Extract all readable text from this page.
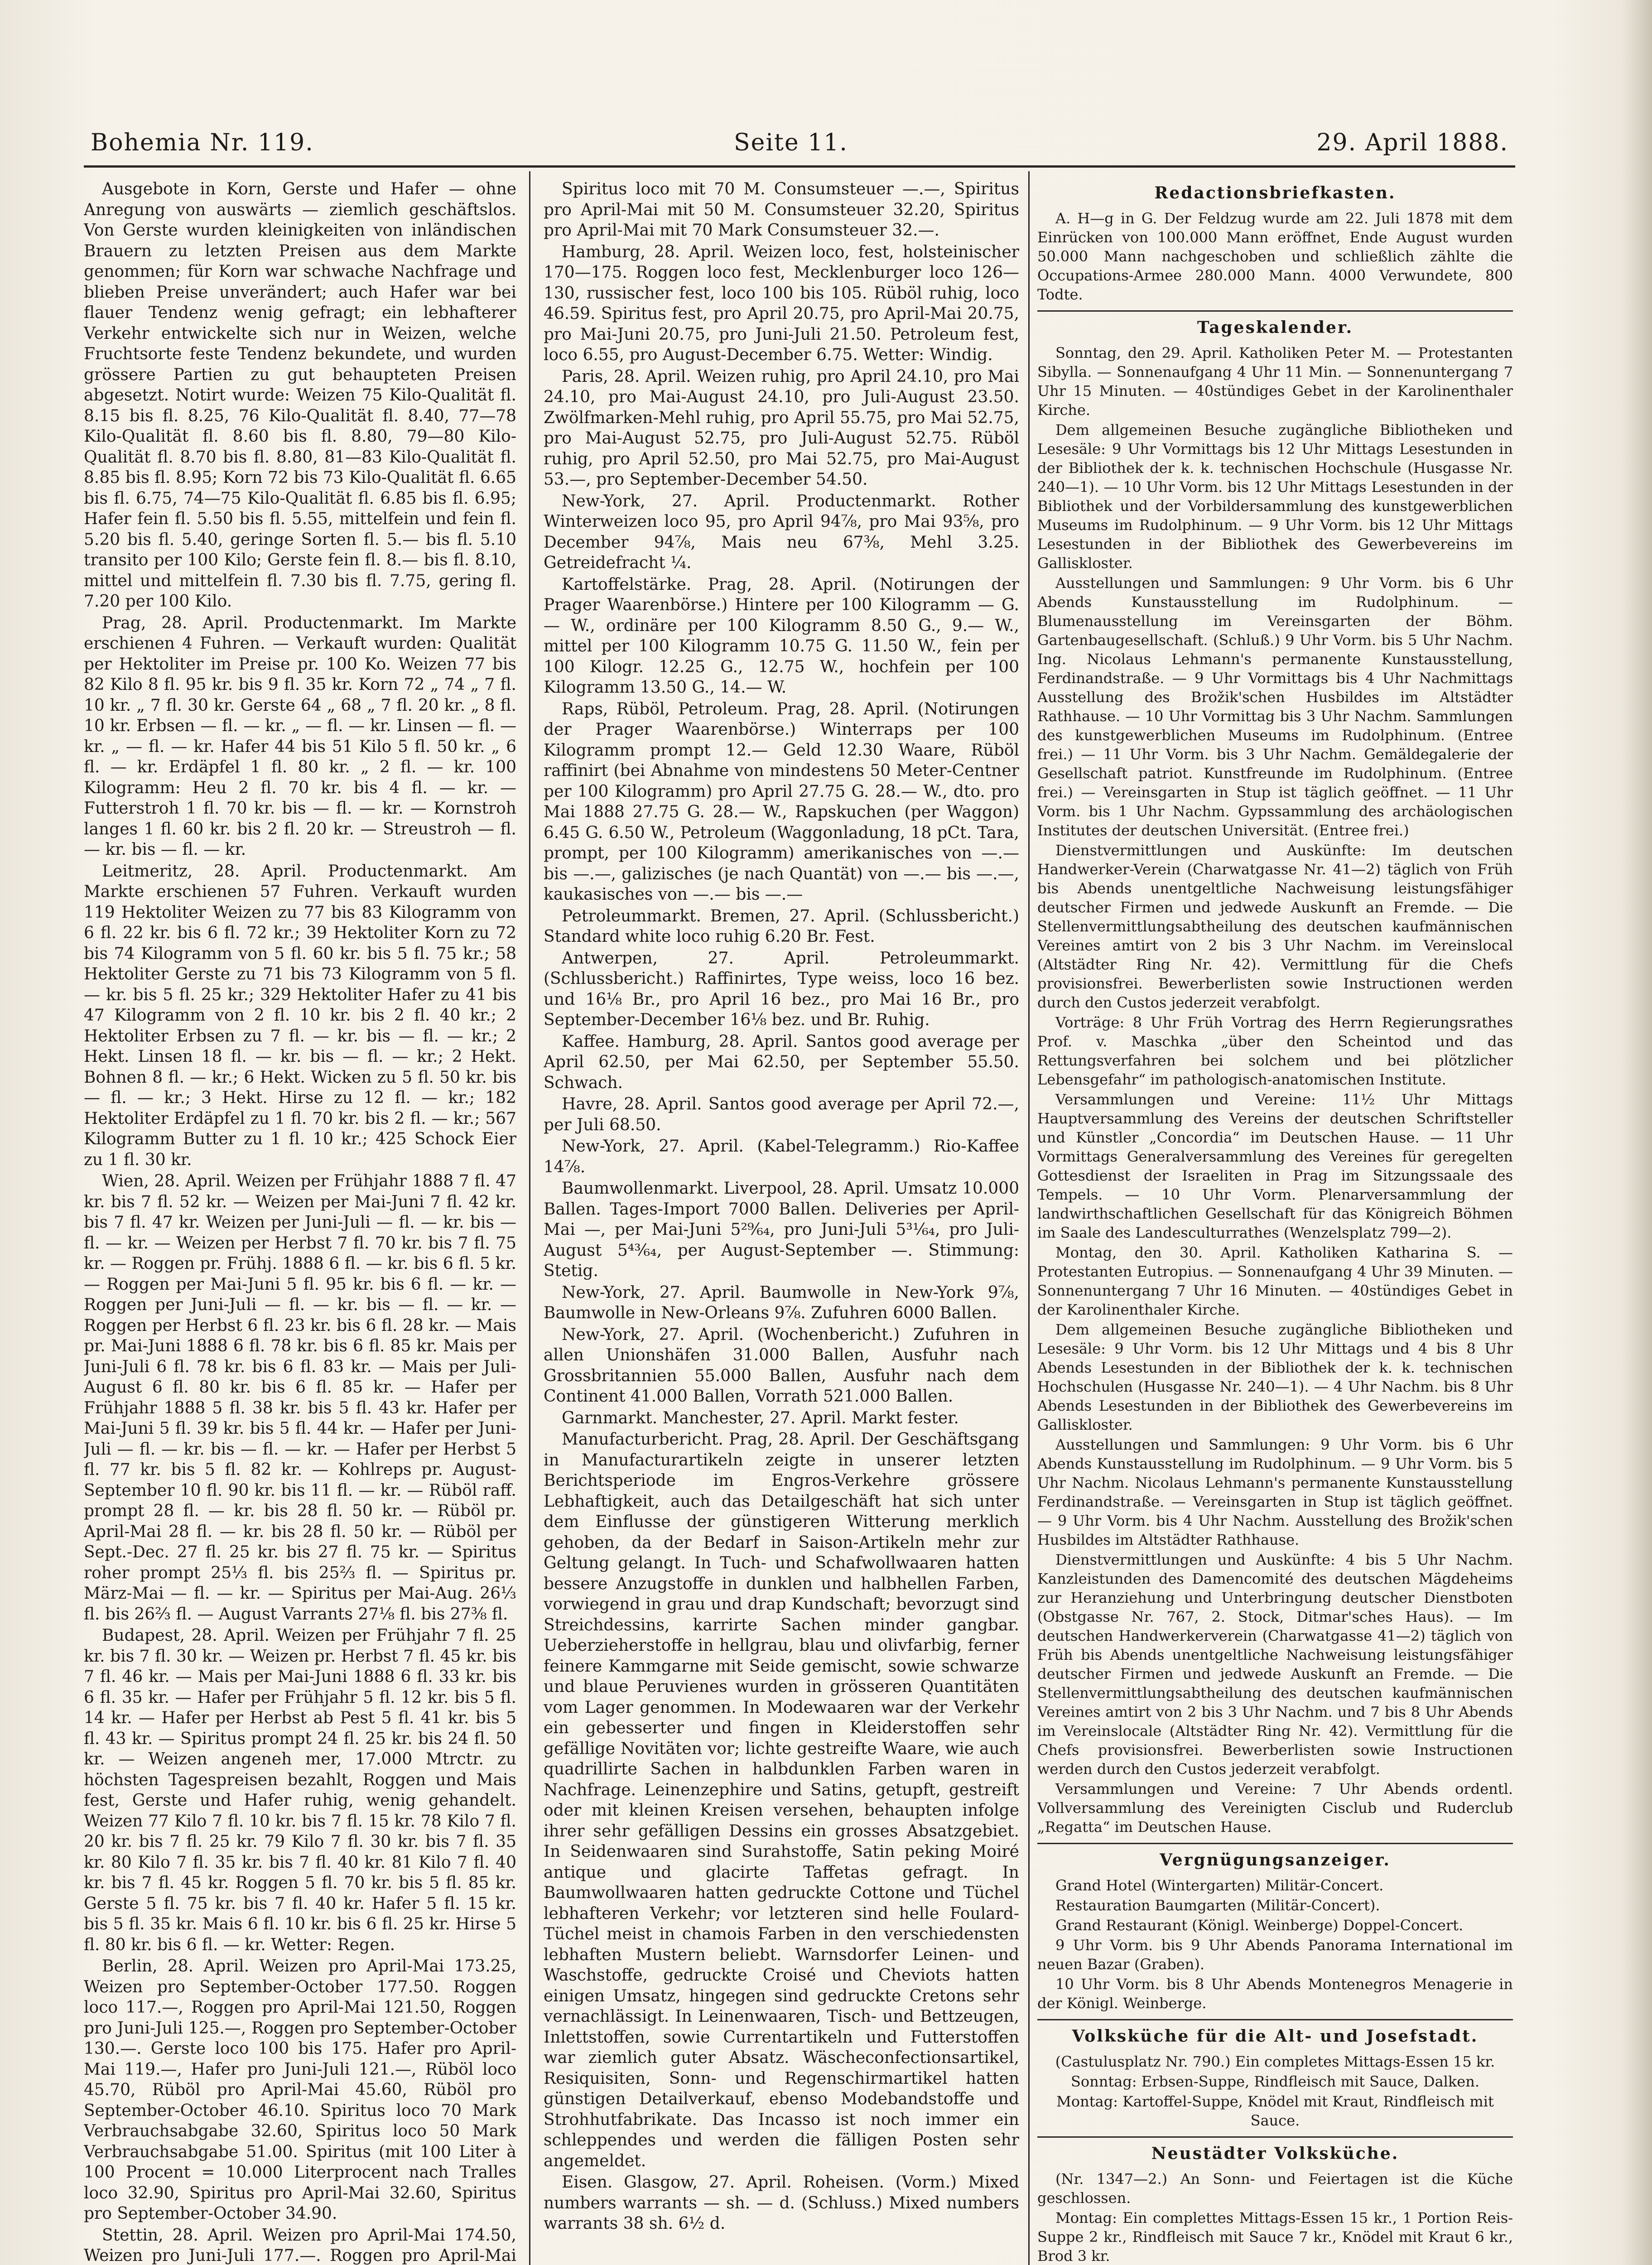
Bohemia Nr. 119.	Seite 11.	29. April 1888.

Ausgebote in Korn, Gerste und Hafer — ohne Anregung von auswärts — ziemlich geschäftslos. Von Gerste wurden kleinigkeiten von inländischen Brauern zu letzten Preisen aus dem Markte genommen; für Korn war schwache Nachfrage und blieben Preise unverändert; auch Hafer war bei flauer Tendenz wenig gefragt; ein lebhafterer Verkehr entwickelte sich nur in Weizen, welche Fruchtsorte feste Tendenz bekundete, und wurden grössere Partien zu gut behaupteten Preisen abgesetzt. Notirt wurde: Weizen 75 Kilo-Qualität fl. 8.15 bis fl. 8.25, 76 Kilo-Qualität fl. 8.40, 77—78 Kilo-Qualität fl. 8.60 bis fl. 8.80, 79—80 Kilo-Qualität fl. 8.70 bis fl. 8.80, 81—83 Kilo-Qualität fl. 8.85 bis fl. 8.95; Korn 72 bis 73 Kilo-Qualität fl. 6.65 bis fl. 6.75, 74—75 Kilo-Qualität fl. 6.85 bis fl. 6.95; Hafer fein fl. 5.50 bis fl. 5.55, mittelfein und fein fl. 5.20 bis fl. 5.40, geringe Sorten fl. 5.— bis fl. 5.10 transito per 100 Kilo; Gerste fein fl. 8.— bis fl. 8.10, mittel und mittelfein fl. 7.30 bis fl. 7.75, gering fl. 7.20 per 100 Kilo.

Prag, 28. April. Productenmarkt. Im Markte erschienen 4 Fuhren. — Verkauft wurden: Qualität per Hektoliter im Preise pr. 100 Ko. Weizen 77 bis 82 Kilo 8 fl. 95 kr. bis 9 fl. 35 kr. Korn 72 „ 74 „ 7 fl. 10 kr. „ 7 fl. 30 kr. Gerste 64 „ 68 „ 7 fl. 20 kr. „ 8 fl. 10 kr. Erbsen — fl. — kr. „ — fl. — kr. Linsen — fl. — kr. „ — fl. — kr. Hafer 44 bis 51 Kilo 5 fl. 50 kr. „ 6 fl. — kr. Erdäpfel 1 fl. 80 kr. „ 2 fl. — kr. 100 Kilogramm: Heu 2 fl. 70 kr. bis 4 fl. — kr. — Futterstroh 1 fl. 70 kr. bis — fl. — kr. — Kornstroh langes 1 fl. 60 kr. bis 2 fl. 20 kr. — Streustroh — fl. — kr. bis — fl. — kr.

Leitmeritz, 28. April. Productenmarkt. Am Markte erschienen 57 Fuhren. Verkauft wurden 119 Hektoliter Weizen zu 77 bis 83 Kilogramm von 6 fl. 22 kr. bis 6 fl. 72 kr.; 39 Hektoliter Korn zu 72 bis 74 Kilogramm von 5 fl. 60 kr. bis 5 fl. 75 kr.; 58 Hektoliter Gerste zu 71 bis 73 Kilogramm von 5 fl. — kr. bis 5 fl. 25 kr.; 329 Hektoliter Hafer zu 41 bis 47 Kilogramm von 2 fl. 10 kr. bis 2 fl. 40 kr.; 2 Hektoliter Erbsen zu 7 fl. — kr. bis — fl. — kr.; 2 Hekt. Linsen 18 fl. — kr. bis — fl. — kr.; 2 Hekt. Bohnen 8 fl. — kr.; 6 Hekt. Wicken zu 5 fl. 50 kr. bis — fl. — kr.; 3 Hekt. Hirse zu 12 fl. — kr.; 182 Hektoliter Erdäpfel zu 1 fl. 70 kr. bis 2 fl. — kr.; 567 Kilogramm Butter zu 1 fl. 10 kr.; 425 Schock Eier zu 1 fl. 30 kr.

Wien, 28. April. Weizen per Frühjahr 1888 7 fl. 47 kr. bis 7 fl. 52 kr. — Weizen per Mai-Juni 7 fl. 42 kr. bis 7 fl. 47 kr. Weizen per Juni-Juli — fl. — kr. bis — fl. — kr. — Weizen per Herbst 7 fl. 70 kr. bis 7 fl. 75 kr. — Roggen pr. Frühj. 1888 6 fl. — kr. bis 6 fl. 5 kr. — Roggen per Mai-Juni 5 fl. 95 kr. bis 6 fl. — kr. — Roggen per Juni-Juli — fl. — kr. bis — fl. — kr. — Roggen per Herbst 6 fl. 23 kr. bis 6 fl. 28 kr. — Mais pr. Mai-Juni 1888 6 fl. 78 kr. bis 6 fl. 85 kr. Mais per Juni-Juli 6 fl. 78 kr. bis 6 fl. 83 kr. — Mais per Juli-August 6 fl. 80 kr. bis 6 fl. 85 kr. — Hafer per Frühjahr 1888 5 fl. 38 kr. bis 5 fl. 43 kr. Hafer per Mai-Juni 5 fl. 39 kr. bis 5 fl. 44 kr. — Hafer per Juni-Juli — fl. — kr. bis — fl. — kr. — Hafer per Herbst 5 fl. 77 kr. bis 5 fl. 82 kr. — Kohlreps pr. August-September 10 fl. 90 kr. bis 11 fl. — kr. — Rüböl raff. prompt 28 fl. — kr. bis 28 fl. 50 kr. — Rüböl pr. April-Mai 28 fl. — kr. bis 28 fl. 50 kr. — Rüböl per Sept.-Dec. 27 fl. 25 kr. bis 27 fl. 75 kr. — Spiritus roher prompt 25⅓ fl. bis 25⅔ fl. — Spiritus pr. März-Mai — fl. — kr. — Spiritus per Mai-Aug. 26⅓ fl. bis 26⅔ fl. — August Varrants 27⅛ fl. bis 27⅜ fl.

Budapest, 28. April. Weizen per Frühjahr 7 fl. 25 kr. bis 7 fl. 30 kr. — Weizen pr. Herbst 7 fl. 45 kr. bis 7 fl. 46 kr. — Mais per Mai-Juni 1888 6 fl. 33 kr. bis 6 fl. 35 kr. — Hafer per Frühjahr 5 fl. 12 kr. bis 5 fl. 14 kr. — Hafer per Herbst ab Pest 5 fl. 41 kr. bis 5 fl. 43 kr. — Spiritus prompt 24 fl. 25 kr. bis 24 fl. 50 kr. — Weizen angeneh mer, 17.000 Mtrctr. zu höchsten Tagespreisen bezahlt, Roggen und Mais fest, Gerste und Hafer ruhig, wenig gehandelt. Weizen 77 Kilo 7 fl. 10 kr. bis 7 fl. 15 kr. 78 Kilo 7 fl. 20 kr. bis 7 fl. 25 kr. 79 Kilo 7 fl. 30 kr. bis 7 fl. 35 kr. 80 Kilo 7 fl. 35 kr. bis 7 fl. 40 kr. 81 Kilo 7 fl. 40 kr. bis 7 fl. 45 kr. Roggen 5 fl. 70 kr. bis 5 fl. 85 kr. Gerste 5 fl. 75 kr. bis 7 fl. 40 kr. Hafer 5 fl. 15 kr. bis 5 fl. 35 kr. Mais 6 fl. 10 kr. bis 6 fl. 25 kr. Hirse 5 fl. 80 kr. bis 6 fl. — kr. Wetter: Regen.

Berlin, 28. April. Weizen pro April-Mai 173.25, Weizen pro September-October 177.50. Roggen loco 117.—, Roggen pro April-Mai 121.50, Roggen pro Juni-Juli 125.—, Roggen pro September-October 130.—. Gerste loco 100 bis 175. Hafer pro April-Mai 119.—, Hafer pro Juni-Juli 121.—, Rüböl loco 45.70, Rüböl pro April-Mai 45.60, Rüböl pro September-October 46.10. Spiritus loco 70 Mark Verbrauchsabgabe 32.60, Spiritus loco 50 Mark Verbrauchsabgabe 51.00. Spiritus (mit 100 Liter à 100 Procent = 10.000 Literprocent nach Tralles loco 32.90, Spiritus pro April-Mai 32.60, Spiritus pro September-October 34.90.

Stettin, 28. April. Weizen pro April-Mai 174.50, Weizen pro Juni-Juli 177.—. Roggen pro April-Mai

Spiritus loco mit 70 M. Consumsteuer —.—, Spiritus pro April-Mai mit 50 M. Consumsteuer 32.20, Spiritus pro April-Mai mit 70 Mark Consumsteuer 32.—.

Hamburg, 28. April. Weizen loco, fest, holsteinischer 170—175. Roggen loco fest, Mecklenburger loco 126—130, russischer fest, loco 100 bis 105. Rüböl ruhig, loco 46.59. Spiritus fest, pro April 20.75, pro April-Mai 20.75, pro Mai-Juni 20.75, pro Juni-Juli 21.50. Petroleum fest, loco 6.55, pro August-December 6.75. Wetter: Windig.

Paris, 28. April. Weizen ruhig, pro April 24.10, pro Mai 24.10, pro Mai-August 24.10, pro Juli-August 23.50. Zwölfmarken-Mehl ruhig, pro April 55.75, pro Mai 52.75, pro Mai-August 52.75, pro Juli-August 52.75. Rüböl ruhig, pro April 52.50, pro Mai 52.75, pro Mai-August 53.—, pro September-December 54.50.

New-York, 27. April. Productenmarkt. Rother Winterweizen loco 95, pro April 94⅞, pro Mai 93⅝, pro December 94⅞, Mais neu 67⅜, Mehl 3.25. Getreidefracht ¼.

Kartoffelstärke. Prag, 28. April. (Notirungen der Prager Waarenbörse.) Hintere per 100 Kilogramm — G. — W., ordinäre per 100 Kilogramm 8.50 G., 9.— W., mittel per 100 Kilogramm 10.75 G. 11.50 W., fein per 100 Kilogr. 12.25 G., 12.75 W., hochfein per 100 Kilogramm 13.50 G., 14.— W.

Raps, Rüböl, Petroleum. Prag, 28. April. (Notirungen der Prager Waarenbörse.) Winterraps per 100 Kilogramm prompt 12.— Geld 12.30 Waare, Rüböl raffinirt (bei Abnahme von mindestens 50 Meter-Centner per 100 Kilogramm) pro April 27.75 G. 28.— W., dto. pro Mai 1888 27.75 G. 28.— W., Rapskuchen (per Waggon) 6.45 G. 6.50 W., Petroleum (Waggonladung, 18 pCt. Tara, prompt, per 100 Kilogramm) amerikanisches von —.— bis —.—, galizisches (je nach Quantät) von —.— bis —.—, kaukasisches von —.— bis —.—

Petroleummarkt. Bremen, 27. April. (Schlussbericht.) Standard white loco ruhig 6.20 Br. Fest.

Antwerpen, 27. April. Petroleummarkt. (Schlussbericht.) Raffinirtes, Type weiss, loco 16 bez. und 16⅛ Br., pro April 16 bez., pro Mai 16 Br., pro September-December 16⅛ bez. und Br. Ruhig.

Kaffee. Hamburg, 28. April. Santos good average per April 62.50, per Mai 62.50, per September 55.50. Schwach.

Havre, 28. April. Santos good average per April 72.—, per Juli 68.50.

New-York, 27. April. (Kabel-Telegramm.) Rio-Kaffee 14⅞.

Baumwollenmarkt. Liverpool, 28. April. Umsatz 10.000 Ballen. Tages-Import 7000 Ballen. Deliveries per April-Mai —, per Mai-Juni 5²⁹⁄₆₄, pro Juni-Juli 5³¹⁄₆₄, pro Juli-August 5⁴³⁄₆₄, per August-September —. Stimmung: Stetig.

New-York, 27. April. Baumwolle in New-York 9⅞, Baumwolle in New-Orleans 9⅞. Zufuhren 6000 Ballen.

New-York, 27. April. (Wochenbericht.) Zufuhren in allen Unionshäfen 31.000 Ballen, Ausfuhr nach Grossbritannien 55.000 Ballen, Ausfuhr nach dem Continent 41.000 Ballen, Vorrath 521.000 Ballen.

Garnmarkt. Manchester, 27. April. Markt fester.

Manufacturbericht. Prag, 28. April. Der Geschäftsgang in Manufacturartikeln zeigte in unserer letzten Berichtsperiode im Engros-Verkehre grössere Lebhaftigkeit, auch das Detailgeschäft hat sich unter dem Einflusse der günstigeren Witterung merklich gehoben, da der Bedarf in Saison-Artikeln mehr zur Geltung gelangt. In Tuch- und Schafwollwaaren hatten bessere Anzugstoffe in dunklen und halbhellen Farben, vorwiegend in grau und drap Kundschaft; bevorzugt sind Streichdessins, karrirte Sachen minder gangbar. Ueberzieherstoffe in hellgrau, blau und olivfarbig, ferner feinere Kammgarne mit Seide gemischt, sowie schwarze und blaue Peruvienes wurden in grösseren Quantitäten vom Lager genommen. In Modewaaren war der Verkehr ein gebesserter und fingen in Kleiderstoffen sehr gefällige Novitäten vor; lichte gestreifte Waare, wie auch quadrillirte Sachen in halbdunklen Farben waren in Nachfrage. Leinenzephire und Satins, getupft, gestreift oder mit kleinen Kreisen versehen, behaupten infolge ihrer sehr gefälligen Dessins ein grosses Absatzgebiet. In Seidenwaaren sind Surahstoffe, Satin peking Moiré antique und glacirte Taffetas gefragt. In Baumwollwaaren hatten gedruckte Cottone und Tüchel lebhafteren Verkehr; vor letzteren sind helle Foulard-Tüchel meist in chamois Farben in den verschiedensten lebhaften Mustern beliebt. Warnsdorfer Leinen- und Waschstoffe, gedruckte Croisé und Cheviots hatten einigen Umsatz, hingegen sind gedruckte Cretons sehr vernachlässigt. In Leinenwaaren, Tisch- und Bettzeugen, Inlettstoffen, sowie Currentartikeln und Futterstoffen war ziemlich guter Absatz. Wäscheconfectionsartikel, Resiquisiten, Sonn- und Regenschirmartikel hatten günstigen Detailverkauf, ebenso Modebandstoffe und Strohhutfabrikate. Das Incasso ist noch immer ein schleppendes und werden die fälligen Posten sehr angemeldet.

Eisen. Glasgow, 27. April. Roheisen. (Vorm.) Mixed numbers warrants — sh. — d. (Schluss.) Mixed numbers warrants 38 sh. 6½ d.

Redactionsbriefkasten.

A. H—g in G. Der Feldzug wurde am 22. Juli 1878 mit dem Einrücken von 100.000 Mann eröffnet, Ende August wurden 50.000 Mann nachgeschoben und schließlich zählte die Occupations-Armee 280.000 Mann. 4000 Verwundete, 800 Todte.

Tageskalender.

Sonntag, den 29. April. Katholiken Peter M. — Protestanten Sibylla. — Sonnenaufgang 4 Uhr 11 Min. — Sonnenuntergang 7 Uhr 15 Minuten. — 40stündiges Gebet in der Karolinenthaler Kirche.

Dem allgemeinen Besuche zugängliche Bibliotheken und Lesesäle: 9 Uhr Vormittags bis 12 Uhr Mittags Lesestunden in der Bibliothek der k. k. technischen Hochschule (Husgasse Nr. 240—1). — 10 Uhr Vorm. bis 12 Uhr Mittags Lesestunden in der Bibliothek und der Vorbildersammlung des kunstgewerblichen Museums im Rudolphinum. — 9 Uhr Vorm. bis 12 Uhr Mittags Lesestunden in der Bibliothek des Gewerbevereins im Galliskloster.

Ausstellungen und Sammlungen: 9 Uhr Vorm. bis 6 Uhr Abends Kunstausstellung im Rudolphinum. — Blumenausstellung im Vereinsgarten der Böhm. Gartenbaugesellschaft. (Schluß.) 9 Uhr Vorm. bis 5 Uhr Nachm. Ing. Nicolaus Lehmann's permanente Kunstausstellung, Ferdinandstraße. — 9 Uhr Vormittags bis 4 Uhr Nachmittags Ausstellung des Brožik'schen Husbildes im Altstädter Rathhause. — 10 Uhr Vormittag bis 3 Uhr Nachm. Sammlungen des kunstgewerblichen Museums im Rudolphinum. (Entree frei.) — 11 Uhr Vorm. bis 3 Uhr Nachm. Gemäldegalerie der Gesellschaft patriot. Kunstfreunde im Rudolphinum. (Entree frei.) — Vereinsgarten in Stup ist täglich geöffnet. — 11 Uhr Vorm. bis 1 Uhr Nachm. Gypssammlung des archäologischen Institutes der deutschen Universität. (Entree frei.)

Dienstvermittlungen und Auskünfte: Im deutschen Handwerker-Verein (Charwatgasse Nr. 41—2) täglich von Früh bis Abends unentgeltliche Nachweisung leistungsfähiger deutscher Firmen und jedwede Auskunft an Fremde. — Die Stellenvermittlungsabtheilung des deutschen kaufmännischen Vereines amtirt von 2 bis 3 Uhr Nachm. im Vereinslocal (Altstädter Ring Nr. 42). Vermittlung für die Chefs provisionsfrei. Bewerberlisten sowie Instructionen werden durch den Custos jederzeit verabfolgt.

Vorträge: 8 Uhr Früh Vortrag des Herrn Regierungsrathes Prof. v. Maschka „über den Scheintod und das Rettungsverfahren bei solchem und bei plötzlicher Lebensgefahr“ im pathologisch-anatomischen Institute.

Versammlungen und Vereine: 11½ Uhr Mittags Hauptversammlung des Vereins der deutschen Schriftsteller und Künstler „Concordia“ im Deutschen Hause. — 11 Uhr Vormittags Generalversammlung des Vereines für geregelten Gottesdienst der Israeliten in Prag im Sitzungssaale des Tempels. — 10 Uhr Vorm. Plenarversammlung der landwirthschaftlichen Gesellschaft für das Königreich Böhmen im Saale des Landesculturrathes (Wenzelsplatz 799—2).

Montag, den 30. April. Katholiken Katharina S. — Protestanten Eutropius. — Sonnenaufgang 4 Uhr 39 Minuten. — Sonnenuntergang 7 Uhr 16 Minuten. — 40stündiges Gebet in der Karolinenthaler Kirche.

Dem allgemeinen Besuche zugängliche Bibliotheken und Lesesäle: 9 Uhr Vorm. bis 12 Uhr Mittags und 4 bis 8 Uhr Abends Lesestunden in der Bibliothek der k. k. technischen Hochschulen (Husgasse Nr. 240—1). — 4 Uhr Nachm. bis 8 Uhr Abends Lesestunden in der Bibliothek des Gewerbevereins im Galliskloster.

Ausstellungen und Sammlungen: 9 Uhr Vorm. bis 6 Uhr Abends Kunstausstellung im Rudolphinum. — 9 Uhr Vorm. bis 5 Uhr Nachm. Nicolaus Lehmann's permanente Kunstausstellung Ferdinandstraße. — Vereinsgarten in Stup ist täglich geöffnet. — 9 Uhr Vorm. bis 4 Uhr Nachm. Ausstellung des Brožik'schen Husbildes im Altstädter Rathhause.

Dienstvermittlungen und Auskünfte: 4 bis 5 Uhr Nachm. Kanzleistunden des Damencomité des deutschen Mägdeheims zur Heranziehung und Unterbringung deutscher Dienstboten (Obstgasse Nr. 767, 2. Stock, Ditmar'sches Haus). — Im deutschen Handwerkerverein (Charwatgasse 41—2) täglich von Früh bis Abends unentgeltliche Nachweisung leistungsfähiger deutscher Firmen und jedwede Auskunft an Fremde. — Die Stellenvermittlungsabtheilung des deutschen kaufmännischen Vereines amtirt von 2 bis 3 Uhr Nachm. und 7 bis 8 Uhr Abends im Vereinslocale (Altstädter Ring Nr. 42). Vermittlung für die Chefs provisionsfrei. Bewerberlisten sowie Instructionen werden durch den Custos jederzeit verabfolgt.

Versammlungen und Vereine: 7 Uhr Abends ordentl. Vollversammlung des Vereinigten Cisclub und Ruderclub „Regatta“ im Deutschen Hause.

Vergnügungsanzeiger.

Grand Hotel (Wintergarten) Militär-Concert.

Restauration Baumgarten (Militär-Concert).

Grand Restaurant (Königl. Weinberge) Doppel-Concert.

9 Uhr Vorm. bis 9 Uhr Abends Panorama International im neuen Bazar (Graben).

10 Uhr Vorm. bis 8 Uhr Abends Montenegros Menagerie in der Königl. Weinberge.

Volksküche für die Alt- und Josefstadt.

(Castulusplatz Nr. 790.) Ein completes Mittags-Essen 15 kr.

Sonntag: Erbsen-Suppe, Rindfleisch mit Sauce, Dalken.

Montag: Kartoffel-Suppe, Knödel mit Kraut, Rindfleisch mit Sauce.

Neustädter Volksküche.

(Nr. 1347—2.) An Sonn- und Feiertagen ist die Küche geschlossen.

Montag: Ein complettes Mittags-Essen 15 kr., 1 Portion Reis-Suppe 2 kr., Rindfleisch mit Sauce 7 kr., Knödel mit Kraut 6 kr., Brod 3 kr.
